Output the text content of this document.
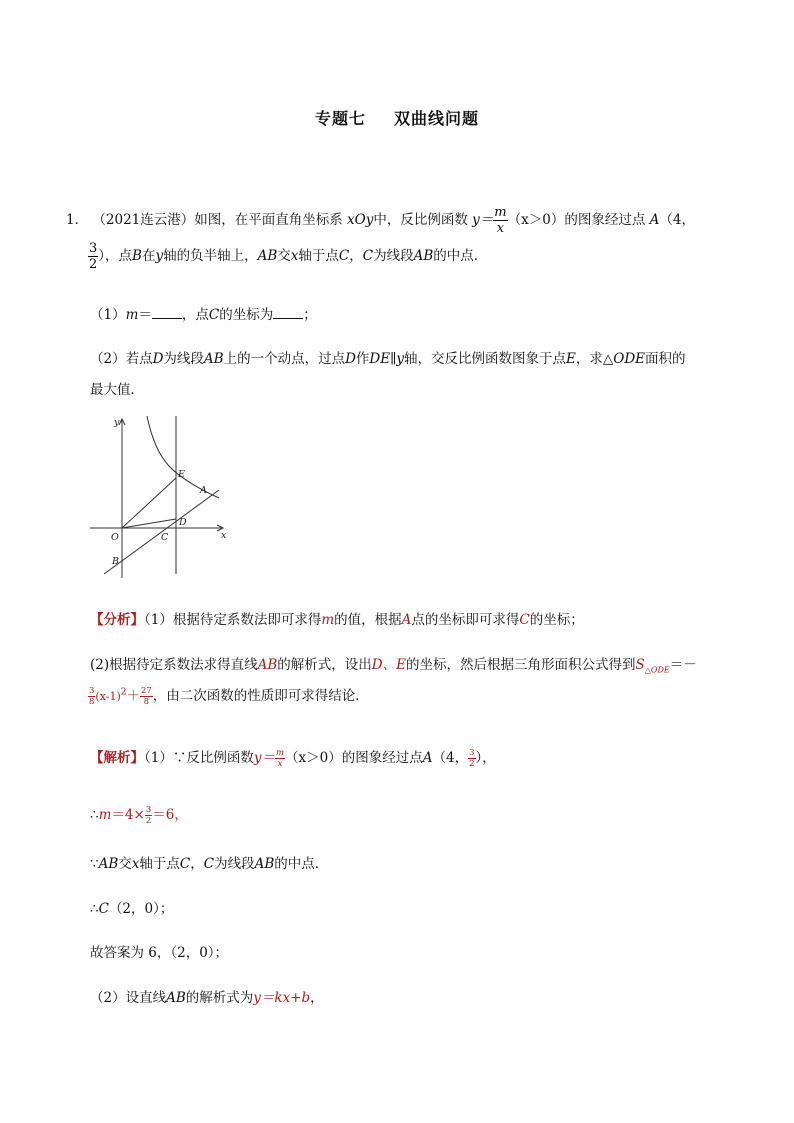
专题七 双曲线问题
1． （2021连云港）如图，在平面直角坐标系 xOy中，反比例函数 $y= \frac{m}{x} (x>0)$的图象经过点 A（4，
$\frac{3}{2}$ ），点B在y轴的负半轴上，AB交x轴于点C，C为线段AB的中点．
（1）m＝ ，点C的坐标为 ；
（2）若点D为线段AB上的一个动点，过点D作DE∥y轴，交反比例函数图象于点E，求△ODE面积的
最大值．
y
x
O
B
C
D
E
A
【分析】（1）根据待定系数法即可求得m的值，根据A点的坐标即可求得C的坐标；
(2)根据待定系数法求得直线AB的解析式，设出D、E的坐标，然后根据三角形面积公式得到$S_{\triangle ODE}=-$
$\frac{3}{8} (x-1)^2+ \frac{27}{8}$ ，由二次函数的性质即可求得结论．
【解析】（1）∵反比例函数$y= \frac{m}{x} (x>0)$的图象经过点A（4， $\frac{3}{2}$ ），
∴m＝4× $\frac{3}{2} =6$，
∵AB交x轴于点C，C为线段AB的中点．
∴C（2，0）；
故答案为 6，（2，0）；
（2）设直线AB的解析式为y＝kx+b，
